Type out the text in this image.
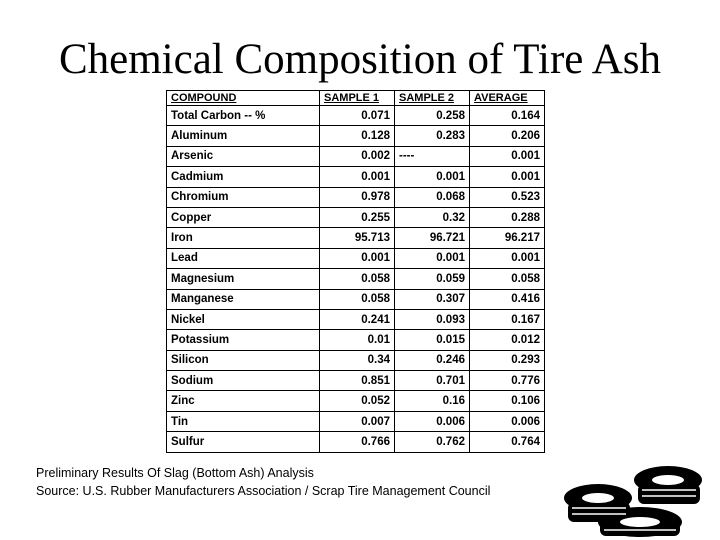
Chemical Composition of Tire Ash
COMPOUND	SAMPLE 1	SAMPLE 2	AVERAGE
Total Carbon -- %	0.071	0.258	0.164
Aluminum	0.128	0.283	0.206
Arsenic	0.002	----	0.001
Cadmium	0.001	0.001	0.001
Chromium	0.978	0.068	0.523
Copper	0.255	0.32	0.288
Iron	95.713	96.721	96.217
Lead	0.001	0.001	0.001
Magnesium	0.058	0.059	0.058
Manganese	0.058	0.307	0.416
Nickel	0.241	0.093	0.167
Potassium	0.01	0.015	0.012
Silicon	0.34	0.246	0.293
Sodium	0.851	0.701	0.776
Zinc	0.052	0.16	0.106
Tin	0.007	0.006	0.006
Sulfur	0.766	0.762	0.764
Preliminary Results Of Slag (Bottom Ash) Analysis
Source: U.S. Rubber Manufacturers Association / Scrap Tire Management Council
